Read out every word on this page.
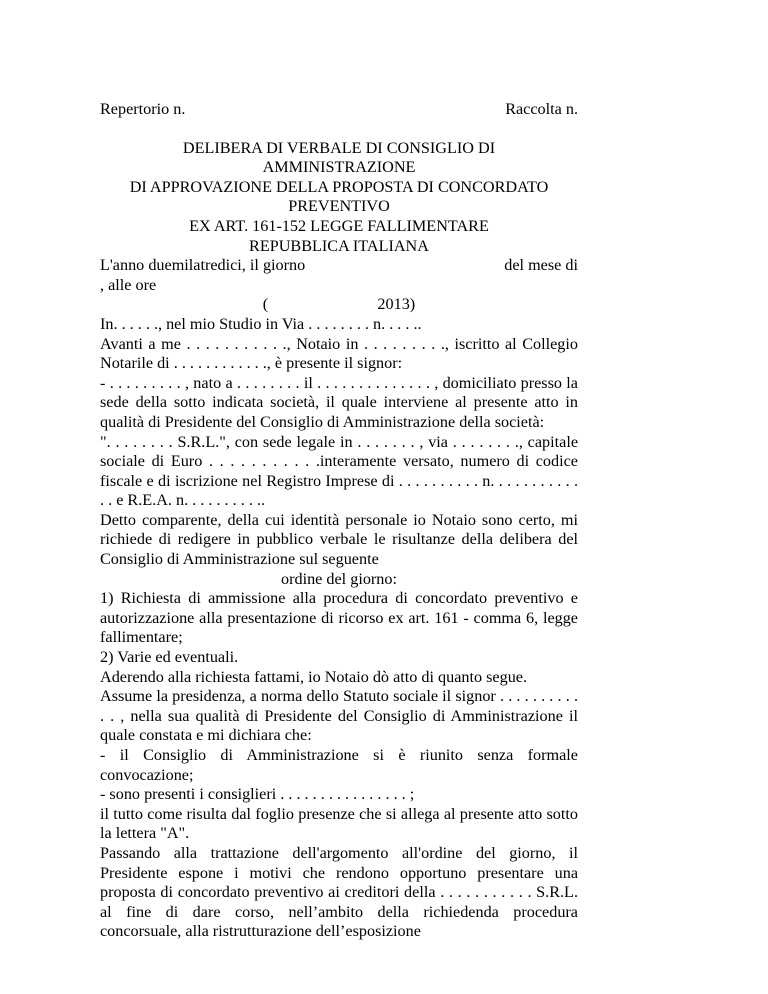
Repertorio n.	Raccolta n.
DELIBERA DI VERBALE DI CONSIGLIO DI
AMMINISTRAZIONE
DI APPROVAZIONE DELLA PROPOSTA DI CONCORDATO
PREVENTIVO
EX ART. 161-152 LEGGE FALLIMENTARE
REPUBBLICA ITALIANA
L'anno duemilatredici, il giorno	del mese di
, alle ore
(                           2013)
In. . . . . ., nel mio Studio in Via . . . . . . . . n. . . . ..
Avanti a me . . . . . . . . . . ., Notaio in . . . . . . . . ., iscritto al Collegio Notarile di . . . . . . . . . . . ., è presente il signor:
- . . . . . . . . . , nato a . . . . . . . . il . . . . . . . . . . . . . . , domiciliato presso la sede della sotto indicata società, il quale interviene al presente atto in qualità di Presidente del Consiglio di Amministrazione della società:
". . . . . . . . S.R.L.", con sede legale in . . . . . . . , via . . . . . . . ., capitale sociale di Euro . . . . . . . . . . .interamente versato, numero di codice fiscale e di iscrizione nel Registro Imprese di . . . . . . . . . . n. . . . . . . . . . . . . e R.E.A. n. . . . . . . . . ..
Detto comparente, della cui identità personale io Notaio sono certo, mi richiede di redigere in pubblico verbale le risultanze della delibera del Consiglio di Amministrazione sul seguente
ordine del giorno:
1) Richiesta di ammissione alla procedura di concordato preventivo e autorizzazione alla presentazione di ricorso ex art. 161 - comma 6, legge fallimentare;
2) Varie ed eventuali.
Aderendo alla richiesta fattami, io Notaio dò atto di quanto segue.
Assume la presidenza, a norma dello Statuto sociale il signor . . . . . . . . . . . . , nella sua qualità di Presidente del Consiglio di Amministrazione il quale constata e mi dichiara che:
- il Consiglio di Amministrazione si è riunito senza formale convocazione;
- sono presenti i consiglieri . . . . . . . . . . . . . . . . ;
il tutto come risulta dal foglio presenze che si allega al presente atto sotto la lettera "A".
Passando alla trattazione dell'argomento all'ordine del giorno, il Presidente espone i motivi che rendono opportuno presentare una proposta di concordato preventivo ai creditori della . . . . . . . . . . . S.R.L. al fine di dare corso, nell’ambito della richiedenda procedura concorsuale, alla ristrutturazione dell’esposizione
